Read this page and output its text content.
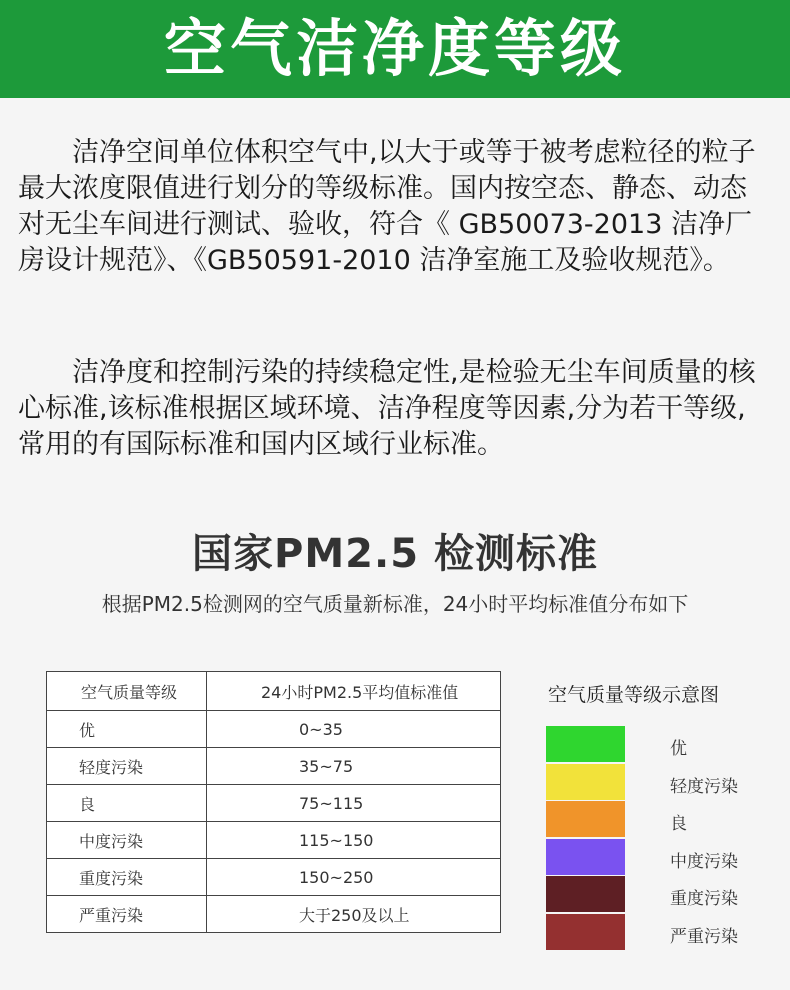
空气洁净度等级

洁净空间单位体积空气中,以大于或等于被考虑粒径的粒子最大浓度限值进行划分的等级标准。国内按空态、静态、动态对无尘车间进行测试、验收，符合《 GB50073-2013 洁净厂房设计规范》、《GB50591-2010 洁净室施工及验收规范》。

洁净度和控制污染的持续稳定性,是检验无尘车间质量的核心标准,该标准根据区域环境、洁净程度等因素,分为若干等级,常用的有国际标准和国内区域行业标准。

国家PM2.5 检测标准
根据PM2.5检测网的空气质量新标准，24小时平均标准值分布如下
空气质量等级	24小时PM2.5平均值标准值
优	0~35
轻度污染	35~75
良	75~115
中度污染	115~150
重度污染	150~250
严重污染	大于250及以上
空气质量等级示意图
优
轻度污染
良
中度污染
重度污染
严重污染
